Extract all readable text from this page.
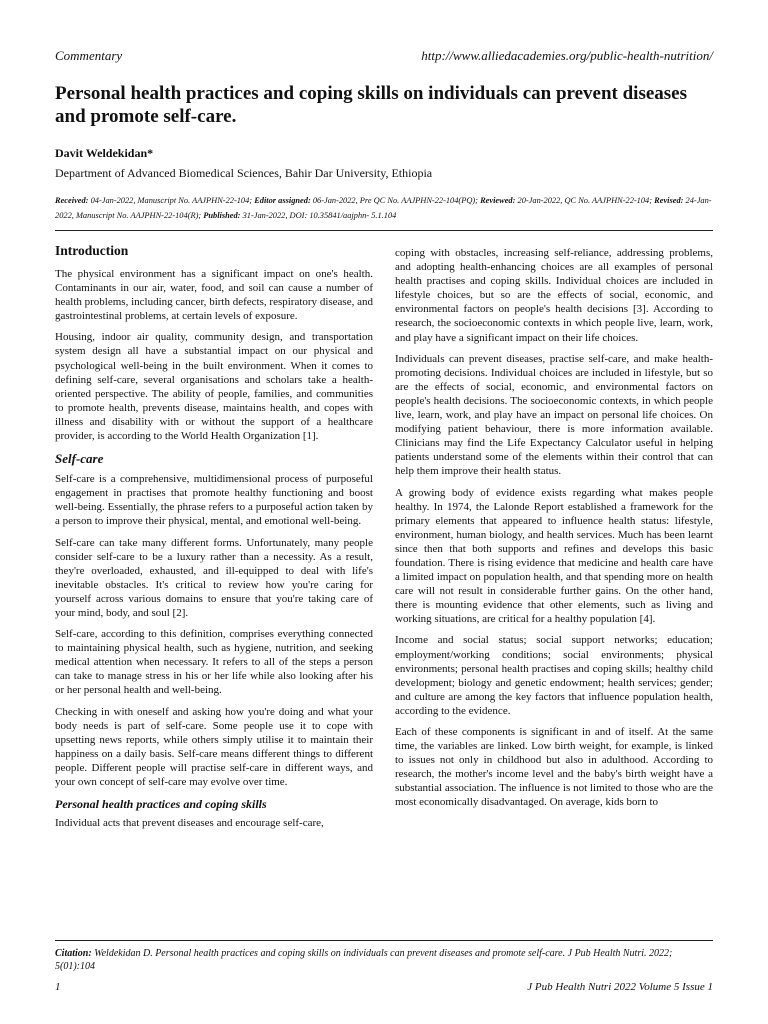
Commentary	http://www.alliedacademies.org/public-health-nutrition/
Personal health practices and coping skills on individuals can prevent diseases and promote self-care.
Davit Weldekidan*
Department of Advanced Biomedical Sciences, Bahir Dar University, Ethiopia
Received: 04-Jan-2022, Manuscript No. AAJPHN-22-104; Editor assigned: 06-Jan-2022, Pre QC No. AAJPHN-22-104(PQ); Reviewed: 20-Jan-2022, QC No. AAJPHN-22-104; Revised: 24-Jan-2022, Manuscript No. AAJPHN-22-104(R); Published: 31-Jan-2022, DOI: 10.35841/aajphn- 5.1.104
Introduction

The physical environment has a significant impact on one's health. Contaminants in our air, water, food, and soil can cause a number of health problems, including cancer, birth defects, respiratory disease, and gastrointestinal problems, at certain levels of exposure.

Housing, indoor air quality, community design, and transportation system design all have a substantial impact on our physical and psychological well-being in the built environment. When it comes to defining self-care, several organisations and scholars take a health-oriented perspective. The ability of people, families, and communities to promote health, prevents disease, maintains health, and copes with illness and disability with or without the support of a healthcare provider, is according to the World Health Organization [1].

Self-care

Self-care is a comprehensive, multidimensional process of purposeful engagement in practises that promote healthy functioning and boost well-being. Essentially, the phrase refers to a purposeful action taken by a person to improve their physical, mental, and emotional well-being.

Self-care can take many different forms. Unfortunately, many people consider self-care to be a luxury rather than a necessity. As a result, they're overloaded, exhausted, and ill-equipped to deal with life's inevitable obstacles. It's critical to review how you're caring for yourself across various domains to ensure that you're taking care of your mind, body, and soul [2].

Self-care, according to this definition, comprises everything connected to maintaining physical health, such as hygiene, nutrition, and seeking medical attention when necessary. It refers to all of the steps a person can take to manage stress in his or her life while also looking after his or her personal health and well-being.

Checking in with oneself and asking how you're doing and what your body needs is part of self-care. Some people use it to cope with upsetting news reports, while others simply utilise it to maintain their happiness on a daily basis. Self-care means different things to different people. Different people will practise self-care in different ways, and your own concept of self-care may evolve over time.

Personal health practices and coping skills

Individual acts that prevent diseases and encourage self-care,

coping with obstacles, increasing self-reliance, addressing problems, and adopting health-enhancing choices are all examples of personal health practises and coping skills. Individual choices are included in lifestyle choices, but so are the effects of social, economic, and environmental factors on people's health decisions [3]. According to research, the socioeconomic contexts in which people live, learn, work, and play have a significant impact on their life choices.

Individuals can prevent diseases, practise self-care, and make health-promoting decisions. Individual choices are included in lifestyle, but so are the effects of social, economic, and environmental factors on people's health decisions. The socioeconomic contexts, in which people live, learn, work, and play have an impact on personal life choices. On modifying patient behaviour, there is more information available. Clinicians may find the Life Expectancy Calculator useful in helping patients understand some of the elements within their control that can help them improve their health status.

A growing body of evidence exists regarding what makes people healthy. In 1974, the Lalonde Report established a framework for the primary elements that appeared to influence health status: lifestyle, environment, human biology, and health services. Much has been learnt since then that both supports and refines and develops this basic foundation. There is rising evidence that medicine and health care have a limited impact on population health, and that spending more on health care will not result in considerable further gains. On the other hand, there is mounting evidence that other elements, such as living and working situations, are critical for a healthy population [4].

Income and social status; social support networks; education; employment/working conditions; social environments; physical environments; personal health practises and coping skills; healthy child development; biology and genetic endowment; health services; gender; and culture are among the key factors that influence population health, according to the evidence.

Each of these components is significant in and of itself. At the same time, the variables are linked. Low birth weight, for example, is linked to issues not only in childhood but also in adulthood. According to research, the mother's income level and the baby's birth weight have a substantial association. The influence is not limited to those who are the most economically disadvantaged. On average, kids born to

Citation: Weldekidan D. Personal health practices and coping skills on individuals can prevent diseases and promote self-care. J Pub Health Nutri. 2022; 5(01):104
1	J Pub Health Nutri 2022 Volume 5 Issue 1
